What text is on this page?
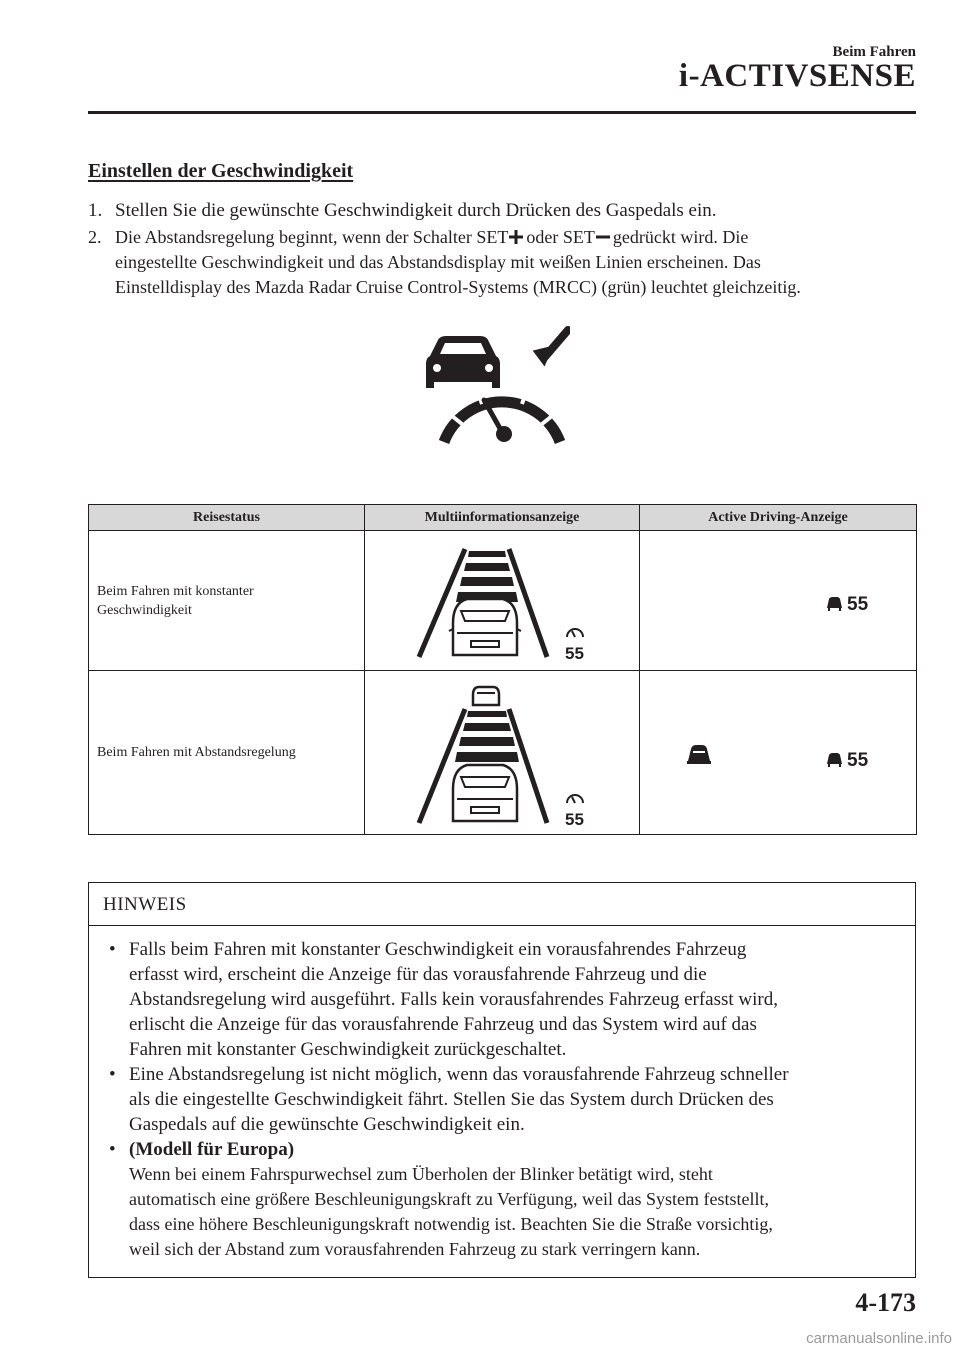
Beim Fahren
i-ACTIVSENSE
Einstellen der Geschwindigkeit
1. Stellen Sie die gewünschte Geschwindigkeit durch Drücken des Gaspedals ein.
2. Die Abstandsregelung beginnt, wenn der Schalter SET oder SET gedrückt wird. Die
eingestellte Geschwindigkeit und das Abstandsdisplay mit weißen Linien erscheinen. Das
Einstelldisplay des Mazda Radar Cruise Control-Systems (MRCC) (grün) leuchtet gleichzeitig.
Reisestatus	Multiinformationsanzeige	Active Driving-Anzeige

Beim Fahren mit konstanter
Geschwindigkeit	55	55

Beim Fahren mit Abstandsregelung	55	55
HINWEIS
• Falls beim Fahren mit konstanter Geschwindigkeit ein vorausfahrendes Fahrzeug
erfasst wird, erscheint die Anzeige für das vorausfahrende Fahrzeug und die
Abstandsregelung wird ausgeführt. Falls kein vorausfahrendes Fahrzeug erfasst wird,
erlischt die Anzeige für das vorausfahrende Fahrzeug und das System wird auf das
Fahren mit konstanter Geschwindigkeit zurückgeschaltet.
• Eine Abstandsregelung ist nicht möglich, wenn das vorausfahrende Fahrzeug schneller
als die eingestellte Geschwindigkeit fährt. Stellen Sie das System durch Drücken des
Gaspedals auf die gewünschte Geschwindigkeit ein.
• (Modell für Europa)
Wenn bei einem Fahrspurwechsel zum Überholen der Blinker betätigt wird, steht
automatisch eine größere Beschleunigungskraft zu Verfügung, weil das System feststellt,
dass eine höhere Beschleunigungskraft notwendig ist. Beachten Sie die Straße vorsichtig,
weil sich der Abstand zum vorausfahrenden Fahrzeug zu stark verringern kann.
4-173
carmanualsonline.info
